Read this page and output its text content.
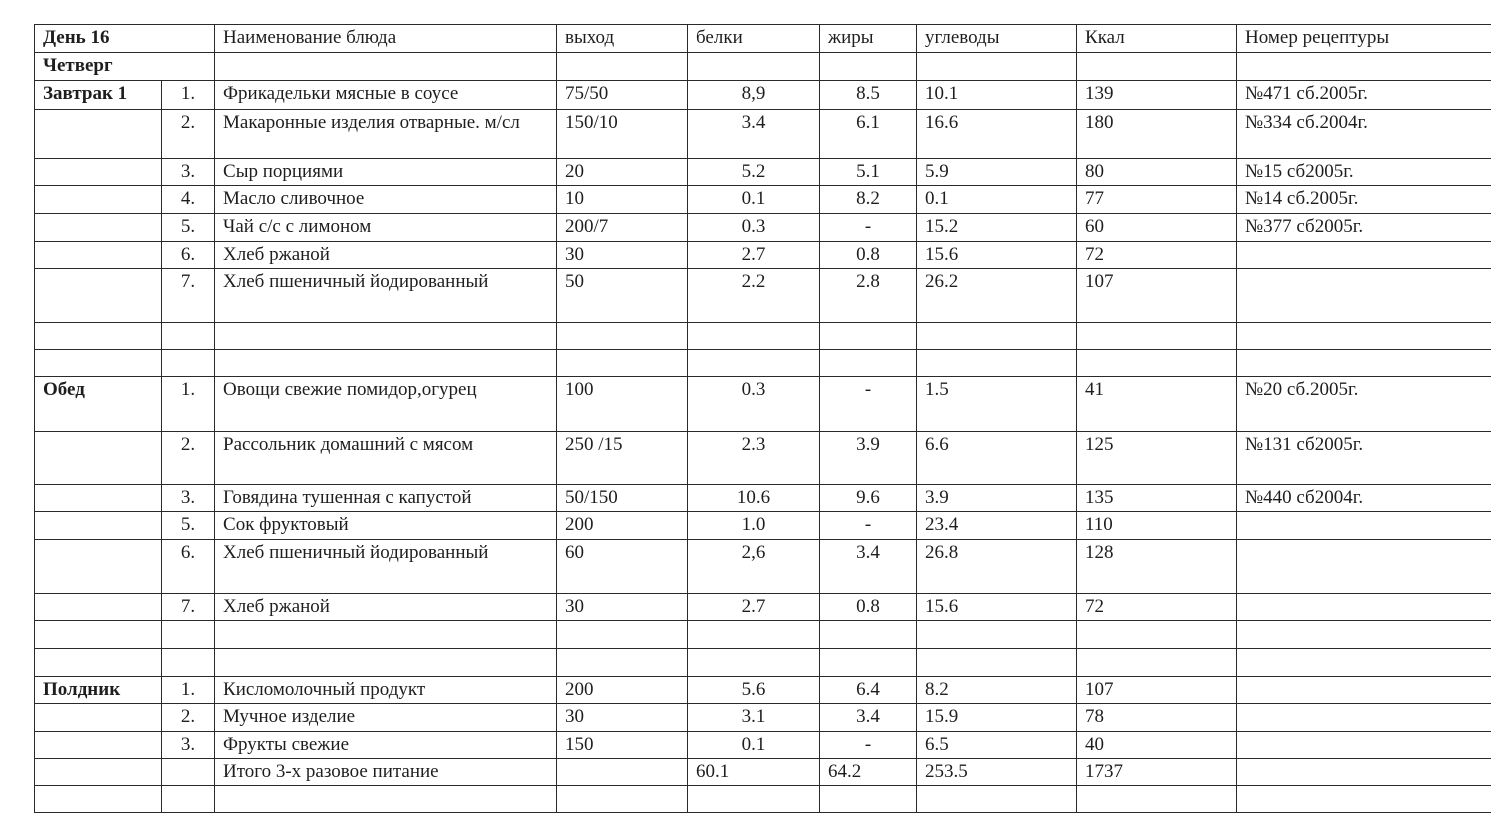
День 16		Наименование блюда	выход	белки	жиры	углеводы	Ккал	Номер рецептуры
Четверг								
Завтрак 1	1.	Фрикадельки мясные в соусе	75/50	8,9	8.5	10.1	139	№471 сб.2005г.
	2.	Макаронные изделия отварные. м/сл	150/10	3.4	6.1	16.6	180	№334 сб.2004г.
	3.	Сыр порциями	20	5.2	5.1	5.9	80	№15 сб2005г.
	4.	Масло сливочное	10	0.1	8.2	0.1	77	№14 сб.2005г.
	5.	Чай с/с с лимоном	200/7	0.3	-	15.2	60	№377 сб2005г.
	6.	Хлеб ржаной	30	2.7	0.8	15.6	72	
	7.	Хлеб пшеничный йодированный	50	2.2	2.8	26.2	107	

Обед	1.	Овощи свежие помидор,огурец	100	0.3	-	1.5	41	№20 сб.2005г.
	2.	Рассольник домашний с мясом	250 /15	2.3	3.9	6.6	125	№131 сб2005г.
	3.	Говядина тушенная с капустой	50/150	10.6	9.6	3.9	135	№440 сб2004г.
	5.	Сок фруктовый	200	1.0	-	23.4	110	
	6.	Хлеб пшеничный йодированный	60	2,6	3.4	26.8	128	
	7.	Хлеб ржаной	30	2.7	0.8	15.6	72	

Полдник	1.	Кисломолочный продукт	200	5.6	6.4	8.2	107	
	2.	Мучное изделие	30	3.1	3.4	15.9	78	
	3.	Фрукты свежие	150	0.1	-	6.5	40	
		Итого 3-х разовое питание		60.1	64.2	253.5	1737	
